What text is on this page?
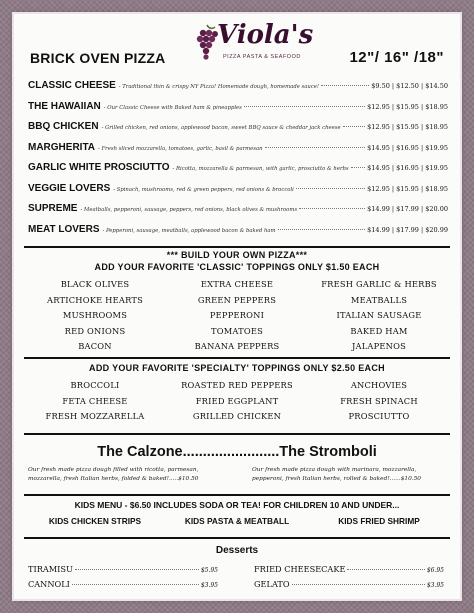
BRICK OVEN PIZZA
Viola's
PIZZA PASTA & SEAFOOD	12"/ 16" /18"
CLASSIC CHEESE - Traditional thin & crispy NY Pizza! Homemade dough, homemade sauce!	$9.50 | $12.50 | $14.50
THE HAWAIIAN - Our Classic Cheese with Baked ham & pineapples	$12.95 | $15.95 | $18.95
BBQ CHICKEN - Grilled chicken, red onions, applewood bacon, sweet BBQ sauce & cheddar jack cheese	$12.95 | $15.95 | $18.95
MARGHERITA - Fresh sliced mozzarella, tomatoes, garlic, basil & parmesan	$14.95 | $16.95 | $19.95
GARLIC WHITE PROSCIUTTO - Ricotta, mozzarella & parmesan, with garlic, prosciutto & herbs	$14.95 | $16.95 | $19.95
VEGGIE LOVERS - Spinach, mushrooms, red & green peppers, red onions & broccoli	$12.95 | $15.95 | $18.95
SUPREME - Meatballs, pepperoni, sausage, peppers, red onions, black olives & mushrooms	$14.99 | $17.99 | $20.00
MEAT LOVERS - Pepperoni, sausage, meatballs, applewood bacon & baked ham	$14.99 | $17.99 | $20.99
*** BUILD YOUR OWN PIZZA***
ADD YOUR FAVORITE 'CLASSIC' TOPPINGS ONLY $1.50 EACH
BLACK OLIVES	EXTRA CHEESE	FRESH GARLIC & HERBS
ARTICHOKE HEARTS	GREEN PEPPERS	MEATBALLS
MUSHROOMS	PEPPERONI	ITALIAN SAUSAGE
RED ONIONS	TOMATOES	BAKED HAM
BACON	BANANA PEPPERS	JALAPENOS
ADD YOUR FAVORITE 'SPECIALTY' TOPPINGS ONLY $2.50 EACH
BROCCOLI	ROASTED RED PEPPERS	ANCHOVIES
FETA CHEESE	FRIED EGGPLANT	FRESH SPINACH
FRESH MOZZARELLA	GRILLED CHICKEN	PROSCIUTTO
The Calzone........................The Stromboli
Our fresh made pizza dough filled with ricotta, parmesan, mozzarella, fresh Italian herbs, folded & baked!.....$10.50
Our fresh made pizza dough with marinara, mozzarella, pepperoni, fresh Italian herbs, rolled & baked!......$10.50
KIDS MENU - $6.50 INCLUDES SODA OR TEA! FOR CHILDREN 10 AND UNDER...
KIDS CHICKEN STRIPS	KIDS PASTA & MEATBALL	KIDS FRIED SHRIMP
Desserts
TIRAMISU	$5.95
CANNOLI	$3.95
FRIED CHEESECAKE	$6.95
GELATO	$3.95
